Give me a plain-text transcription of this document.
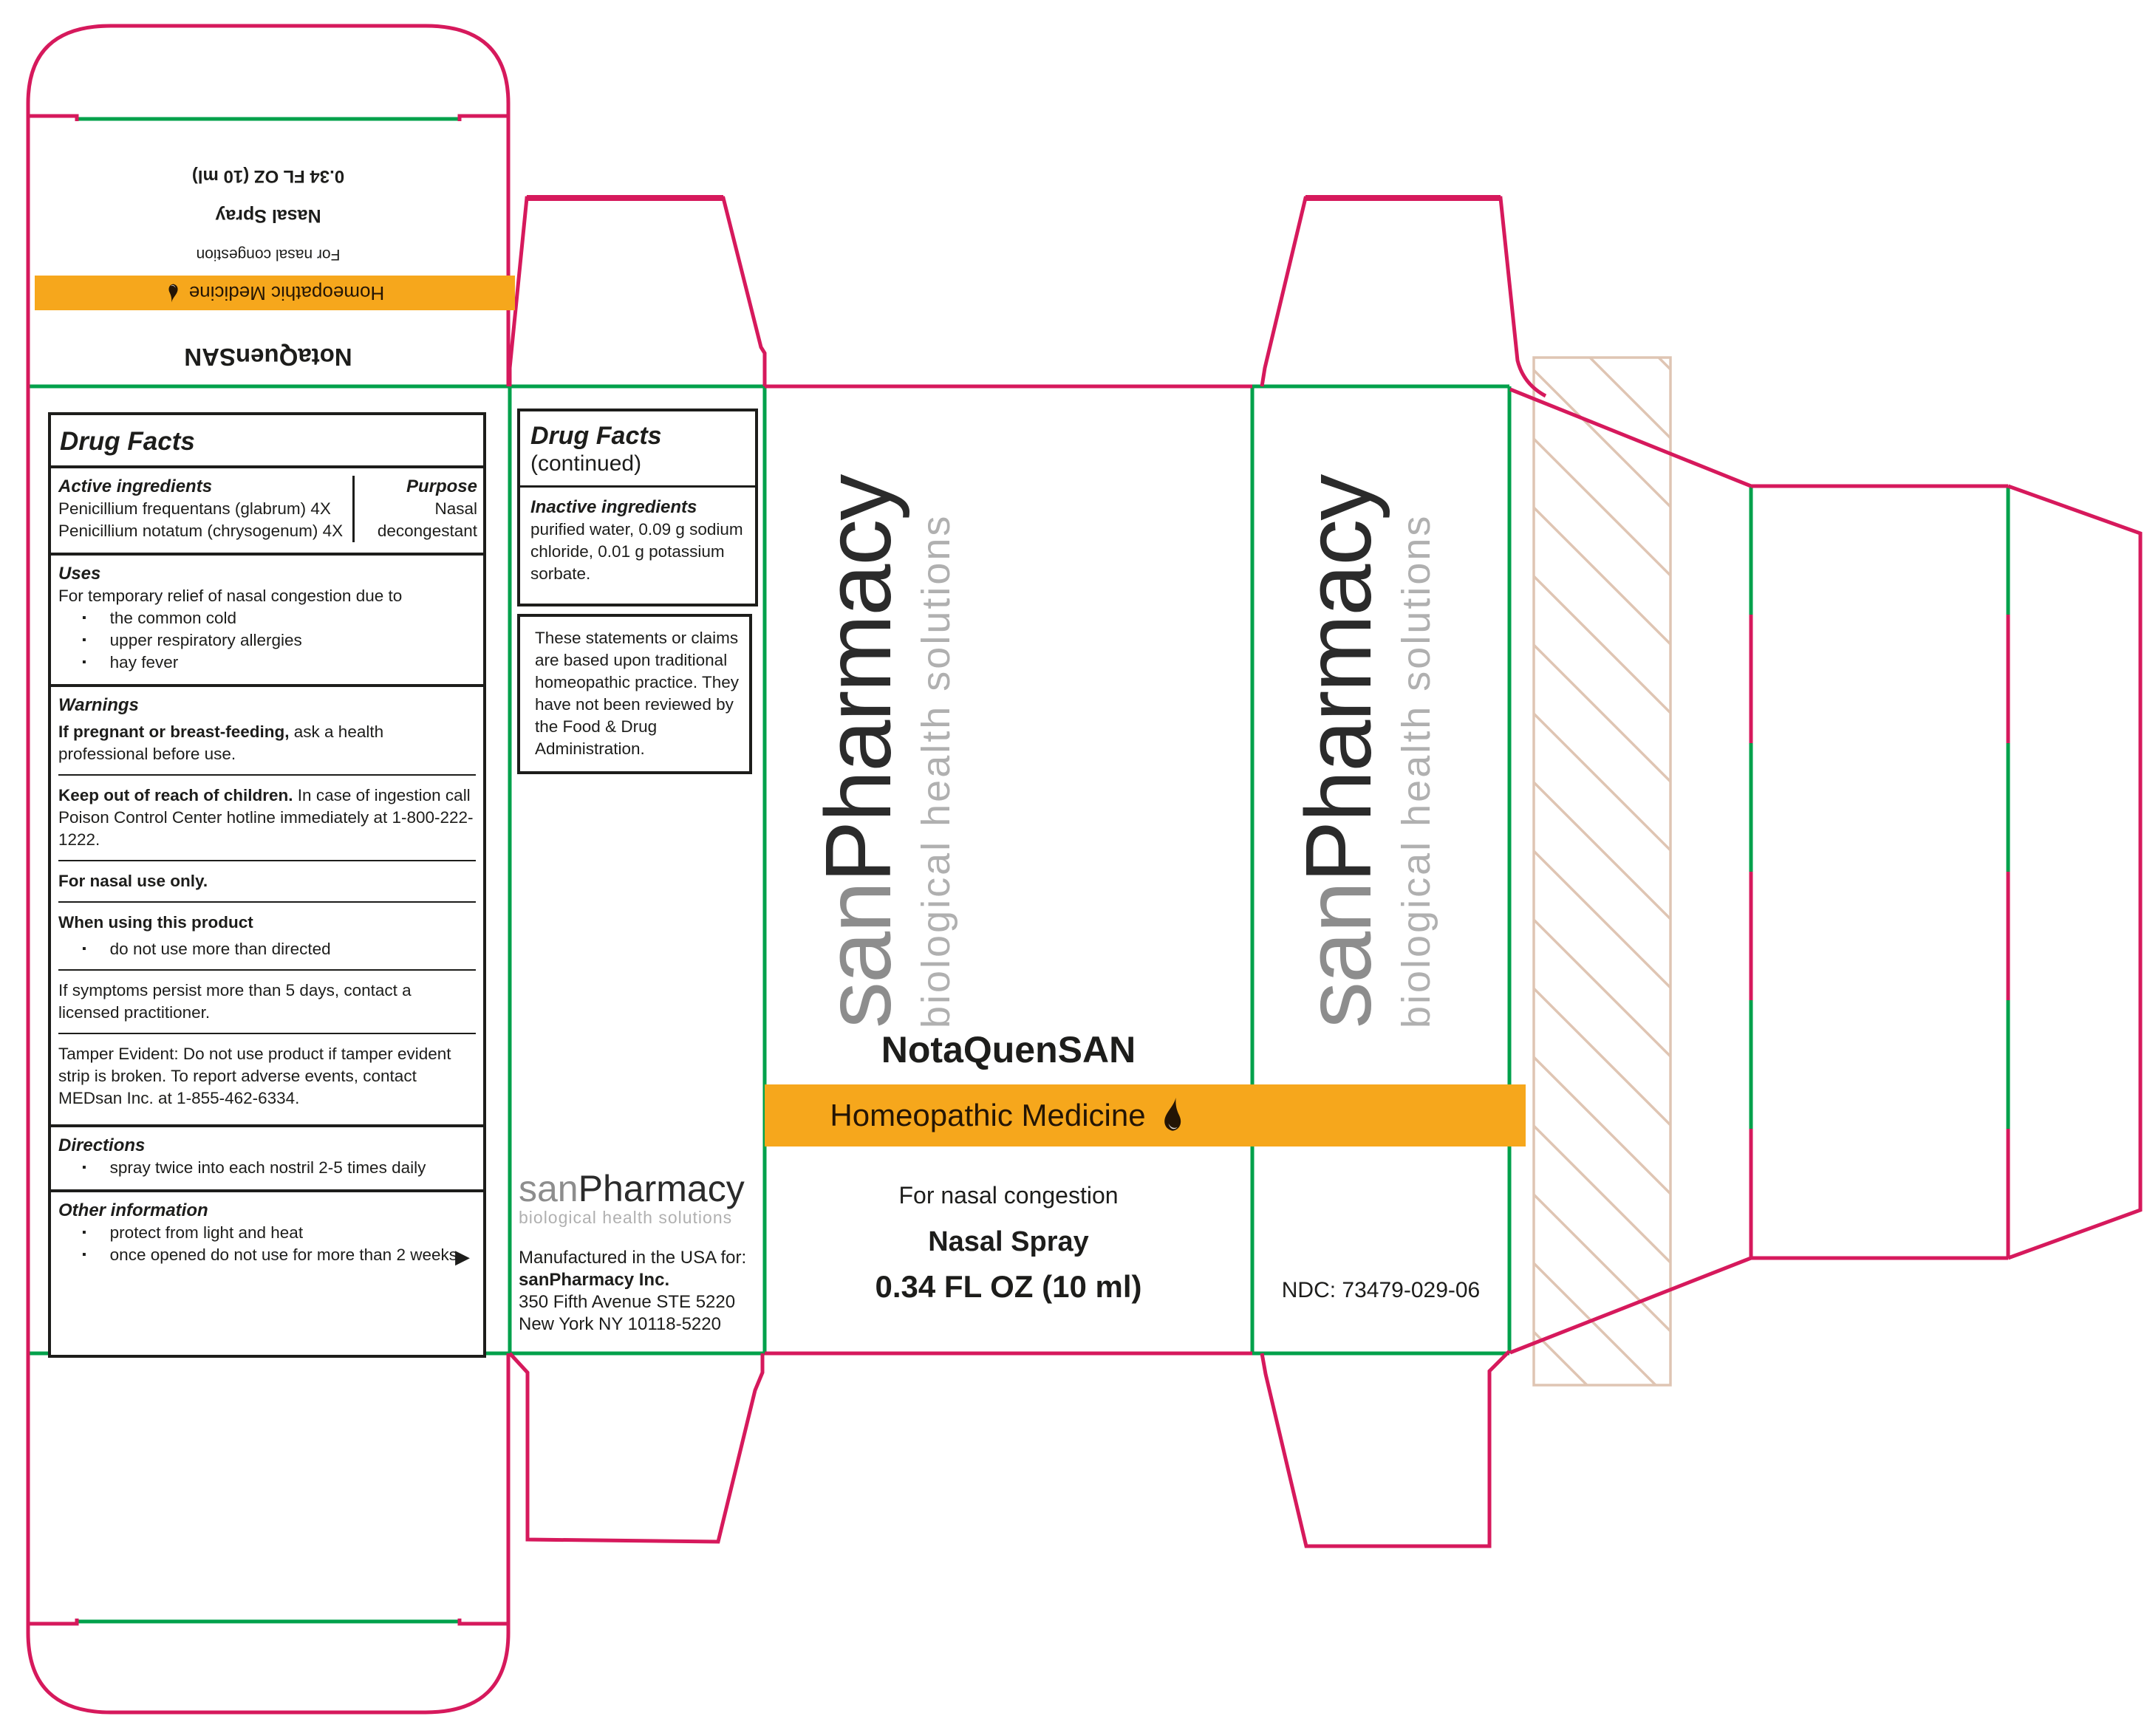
NotaQuenSAN
Homeopathic Medicine
For nasal congestion
Nasal Spray
0.34 FL OZ (10 ml)
Drug Facts
Active ingredients
Penicillium frequentans (glabrum) 4X
Penicillium notatum (chrysogenum) 4X
Purpose
Nasal decongestant
Uses
For temporary relief of nasal congestion due to
▪ the common cold
▪ upper respiratory allergies
▪ hay fever
Warnings

If pregnant or breast-feeding, ask a health professional before use.

Keep out of reach of children. In case of ingestion call Poison Control Center hotline immediately at 1-800-222-1222.

For nasal use only.

When using this product

▪ do not use more than directed

If symptoms persist more than 5 days, contact a licensed practitioner.

Tamper Evident: Do not use product if tamper evident strip is broken. To report adverse events, contact MEDsan Inc. at 1-855-462-6334.

Directions
▪ spray twice into each nostril 2-5 times daily
Other information
▪ protect from light and heat
▪ once opened do not use for more than 2 weeks
▶
Drug Facts
(continued)
Inactive ingredients
purified water, 0.09 g sodium chloride, 0.01 g potassium sorbate.
These statements or claims are based upon traditional homeopathic practice. They have not been reviewed by the Food & Drug Administration.
sanPharmacy
biological health solutions
Manufactured in the USA for:
sanPharmacy Inc.
350 Fifth Avenue STE 5220
New York NY 10118-5220
sanPharmacy biological health solutions
NotaQuenSAN
Homeopathic Medicine
For nasal congestion
Nasal Spray
0.34 FL OZ (10 ml)
sanPharmacy biological health solutions
NDC: 73479-029-06
